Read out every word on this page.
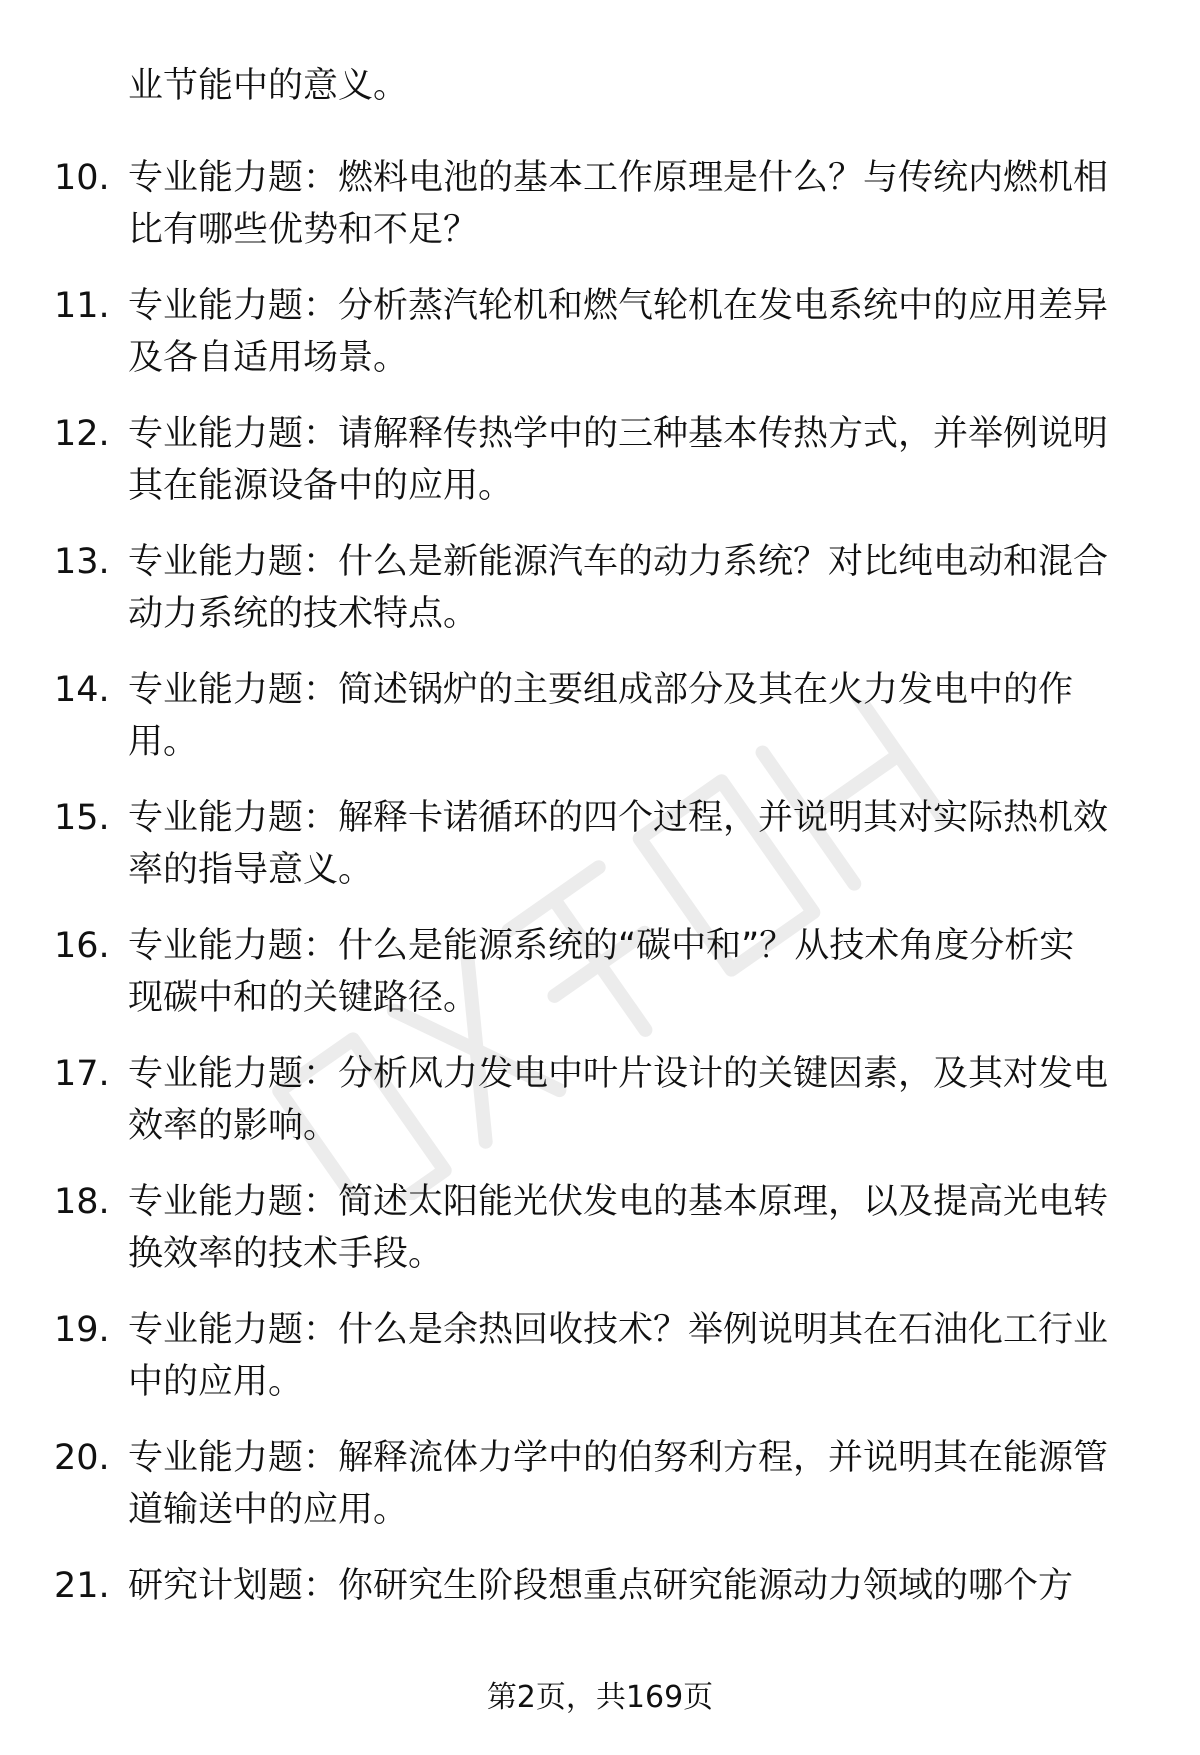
业节能中的意义。
10. 专业能力题：燃料电池的基本工作原理是什么？与传统内燃机相
比有哪些优势和不足？
11. 专业能力题：分析蒸汽轮机和燃气轮机在发电系统中的应用差异
及各自适用场景。
12. 专业能力题：请解释传热学中的三种基本传热方式，并举例说明
其在能源设备中的应用。
13. 专业能力题：什么是新能源汽车的动力系统？对比纯电动和混合
动力系统的技术特点。
14. 专业能力题：简述锅炉的主要组成部分及其在火力发电中的作
用。
15. 专业能力题：解释卡诺循环的四个过程，并说明其对实际热机效
率的指导意义。
16. 专业能力题：什么是能源系统的“碳中和”？从技术角度分析实
现碳中和的关键路径。
17. 专业能力题：分析风力发电中叶片设计的关键因素，及其对发电
效率的影响。
18. 专业能力题：简述太阳能光伏发电的基本原理，以及提高光电转
换效率的技术手段。
19. 专业能力题：什么是余热回收技术？举例说明其在石油化工行业
中的应用。
20. 专业能力题：解释流体力学中的伯努利方程，并说明其在能源管
道输送中的应用。
21. 研究计划题：你研究生阶段想重点研究能源动力领域的哪个方
第2页，共169页
